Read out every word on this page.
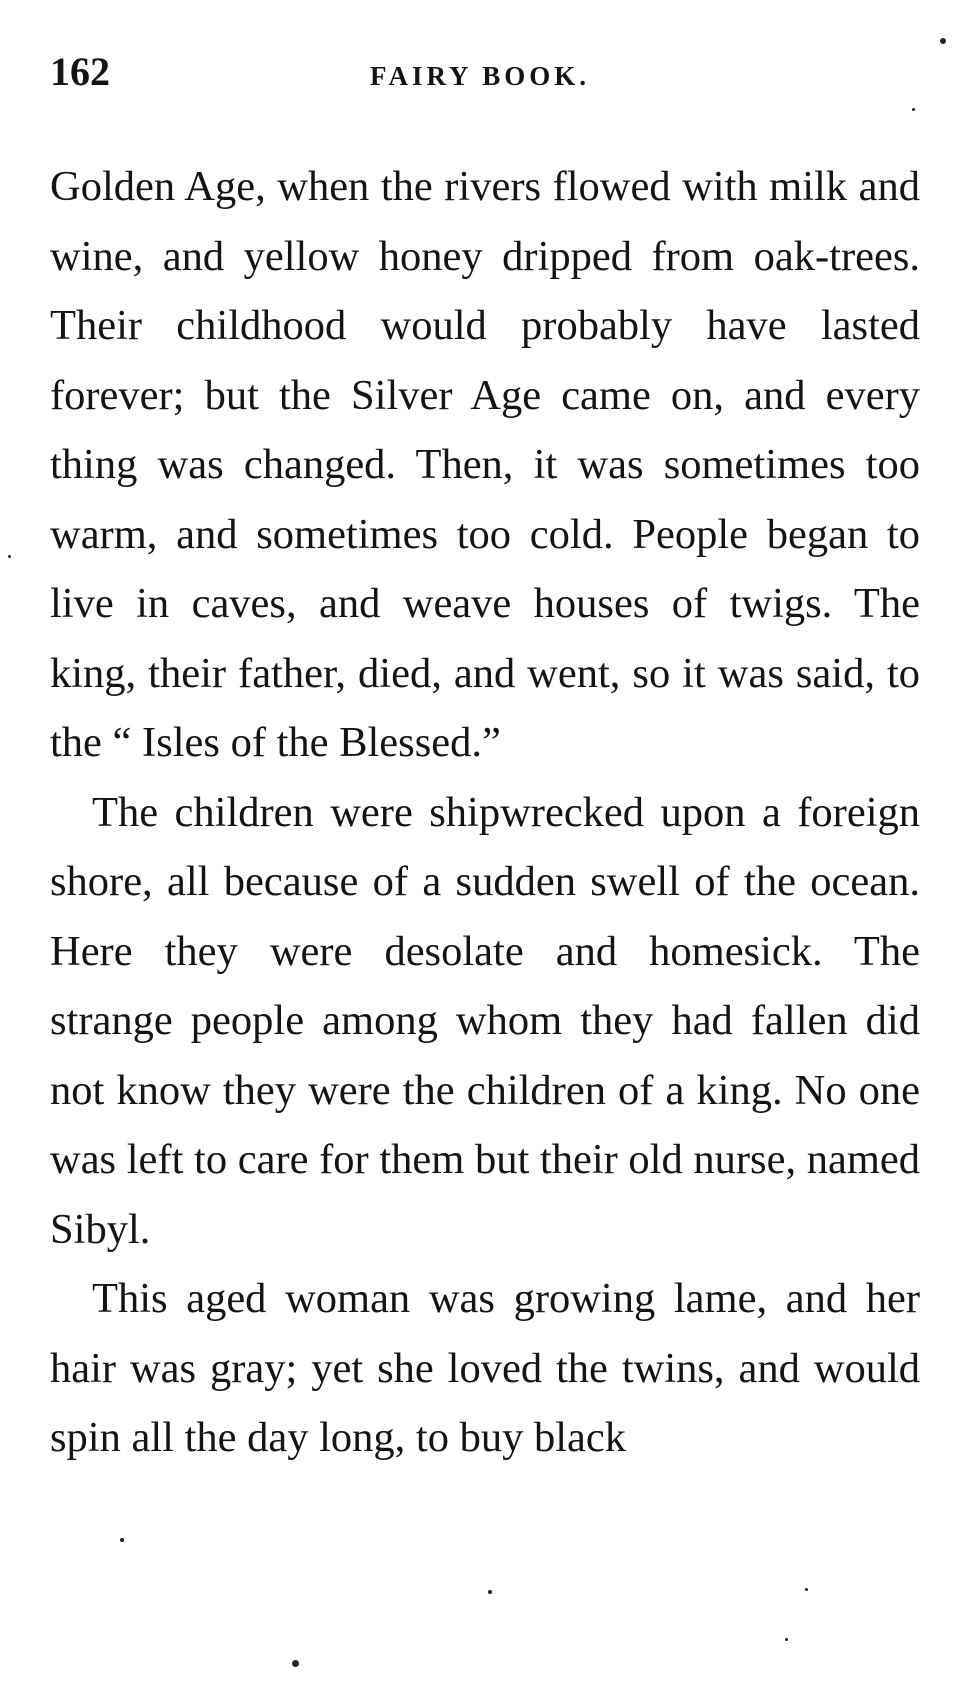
162	FAIRY BOOK.

Golden Age, when the rivers flowed with milk and wine, and yellow honey dripped from oak-trees. Their childhood would probably have lasted forever; but the Silver Age came on, and every thing was changed. Then, it was sometimes too warm, and sometimes too cold. People began to live in caves, and weave houses of twigs. The king, their father, died, and went, so it was said, to the “ Isles of the Blessed.”

The children were shipwrecked upon a foreign shore, all because of a sudden swell of the ocean. Here they were desolate and homesick. The strange people among whom they had fallen did not know they were the children of a king. No one was left to care for them but their old nurse, named Sibyl.

This aged woman was growing lame, and her hair was gray; yet she loved the twins, and would spin all the day long, to buy black
